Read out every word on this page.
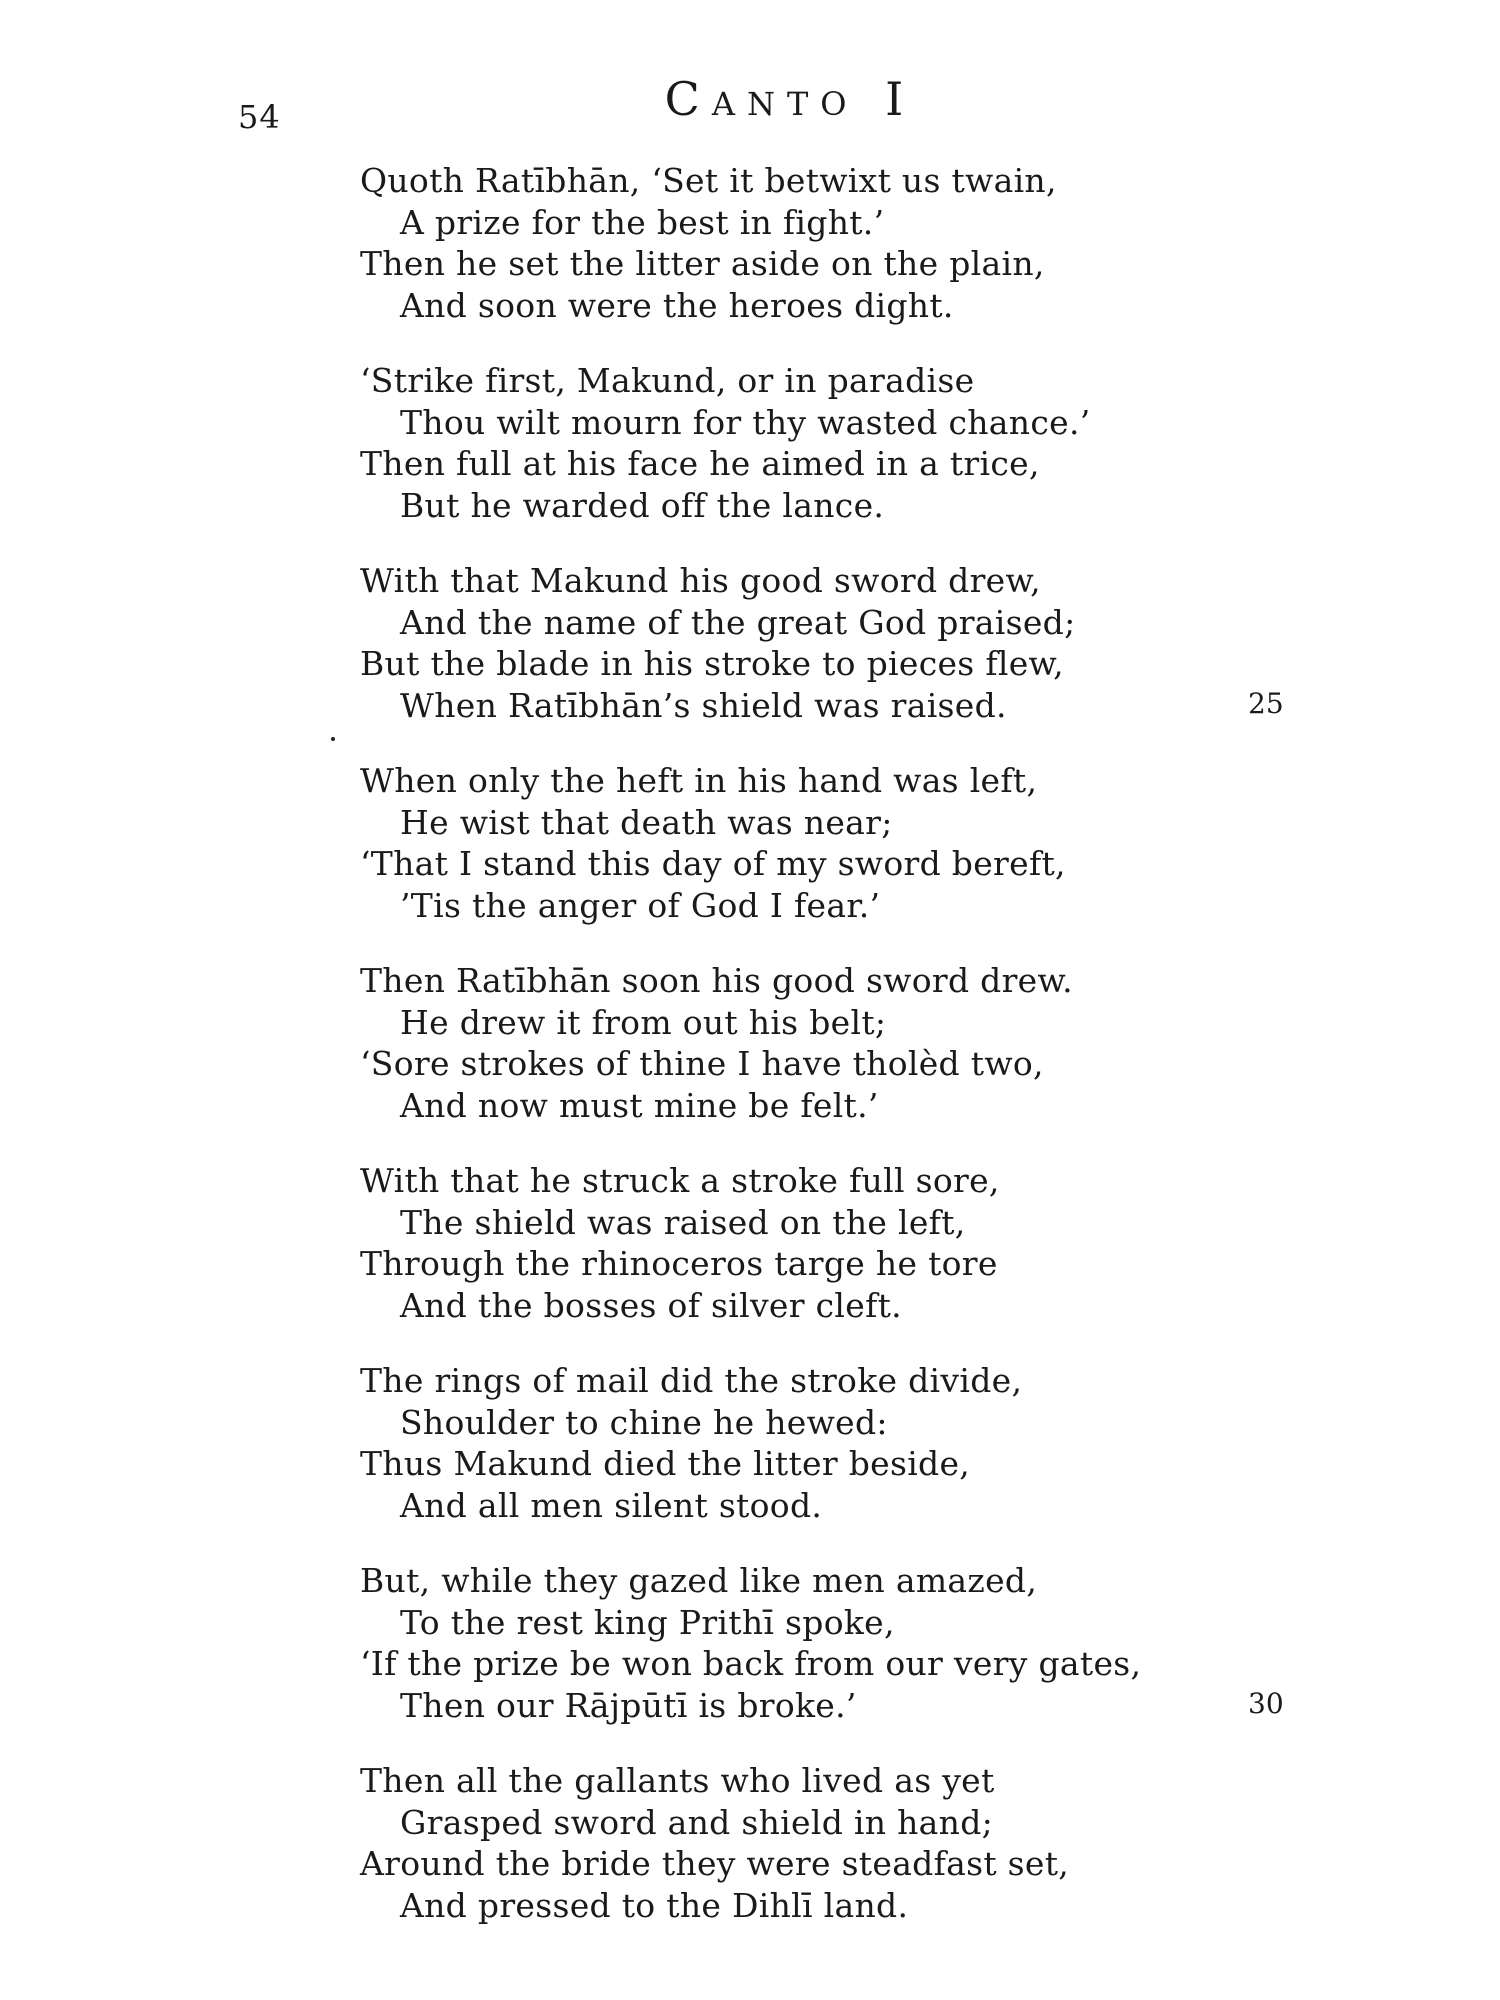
54	Canto I
Quoth Ratībhān, ‘Set it betwixt us twain,
A prize for the best in fight.’
Then he set the litter aside on the plain,
And soon were the heroes dight.
‘Strike first, Makund, or in paradise
Thou wilt mourn for thy wasted chance.’
Then full at his face he aimed in a trice,
But he warded off the lance.
With that Makund his good sword drew,
And the name of the great God praised;
But the blade in his stroke to pieces flew,
When Ratībhān’s shield was raised.	25
When only the heft in his hand was left,
He wist that death was near;
‘That I stand this day of my sword bereft,
’Tis the anger of God I fear.’
Then Ratībhān soon his good sword drew.
He drew it from out his belt;
‘Sore strokes of thine I have tholèd two,
And now must mine be felt.’
With that he struck a stroke full sore,
The shield was raised on the left,
Through the rhinoceros targe he tore
And the bosses of silver cleft.
The rings of mail did the stroke divide,
Shoulder to chine he hewed:
Thus Makund died the litter beside,
And all men silent stood.
But, while they gazed like men amazed,
To the rest king Prithī spoke,
‘If the prize be won back from our very gates,
Then our Rājpūtī is broke.’	30
Then all the gallants who lived as yet
Grasped sword and shield in hand;
Around the bride they were steadfast set,
And pressed to the Dihlī land.
